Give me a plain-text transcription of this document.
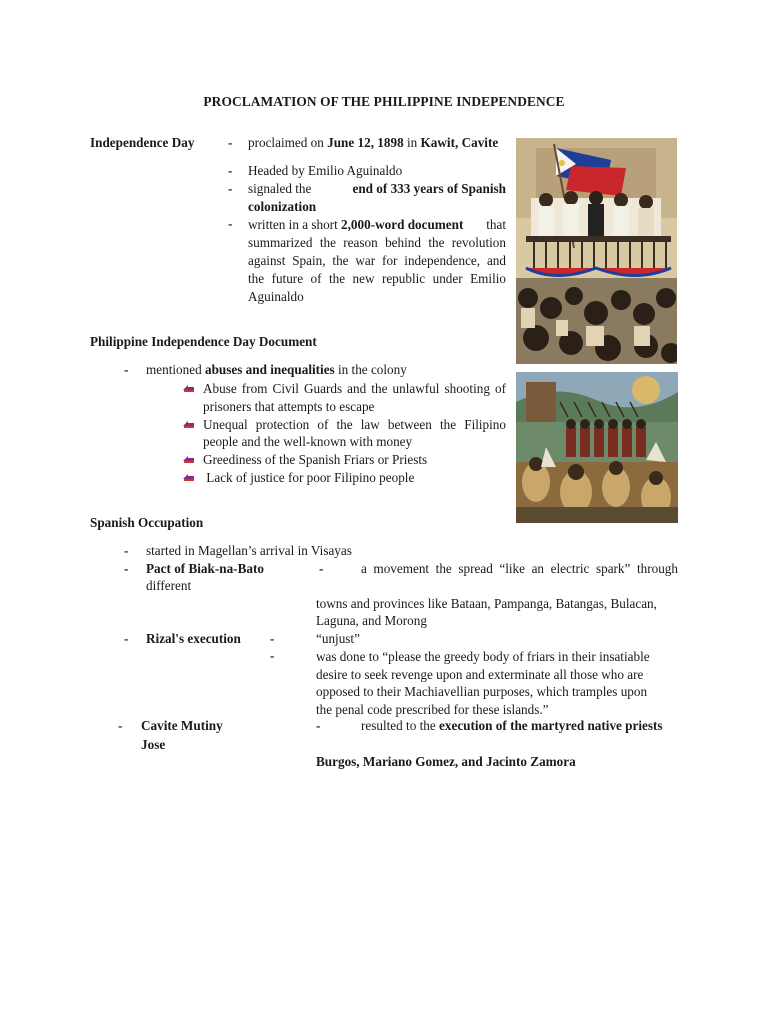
PROCLAMATION OF THE PHILIPPINE INDEPENDENCE
Independence Day	- proclaimed on June 12, 1898 in Kawit, Cavite
- Headed by Emilio Aguinaldo
- signaled the	end of 333 years of Spanish
colonization
- written in a short 2,000-word document that
summarized the reason behind the revolution
against Spain, the war for independence, and
the future of the new republic under Emilio
Aguinaldo
Philippine Independence Day Document
- mentioned abuses and inequalities in the colony
Abuse from Civil Guards and the unlawful shooting of
prisoners that attempts to escape
Unequal protection of the law between the Filipino
people and the well-known with money
Greediness of the Spanish Friars or Priests
Lack of justice for poor Filipino people
Spanish Occupation
- started in Magellan’s arrival in Visayas
- Pact of Biak-na-Bato	-	a movement the spread “like an electric spark” through
different
towns and provinces like Bataan, Pampanga, Batangas, Bulacan,
Laguna, and Morong
- Rizal's execution -	“unjust”
-	was done to “please the greedy body of friars in their insatiable
desire to seek revenge upon and exterminate all those who are
opposed to their Machiavellian purposes, which tramples upon
the penal code prescribed for these islands.”
- Cavite Mutiny	-	resulted to the execution of the martyred native priests
Jose
Burgos, Mariano Gomez, and Jacinto Zamora
